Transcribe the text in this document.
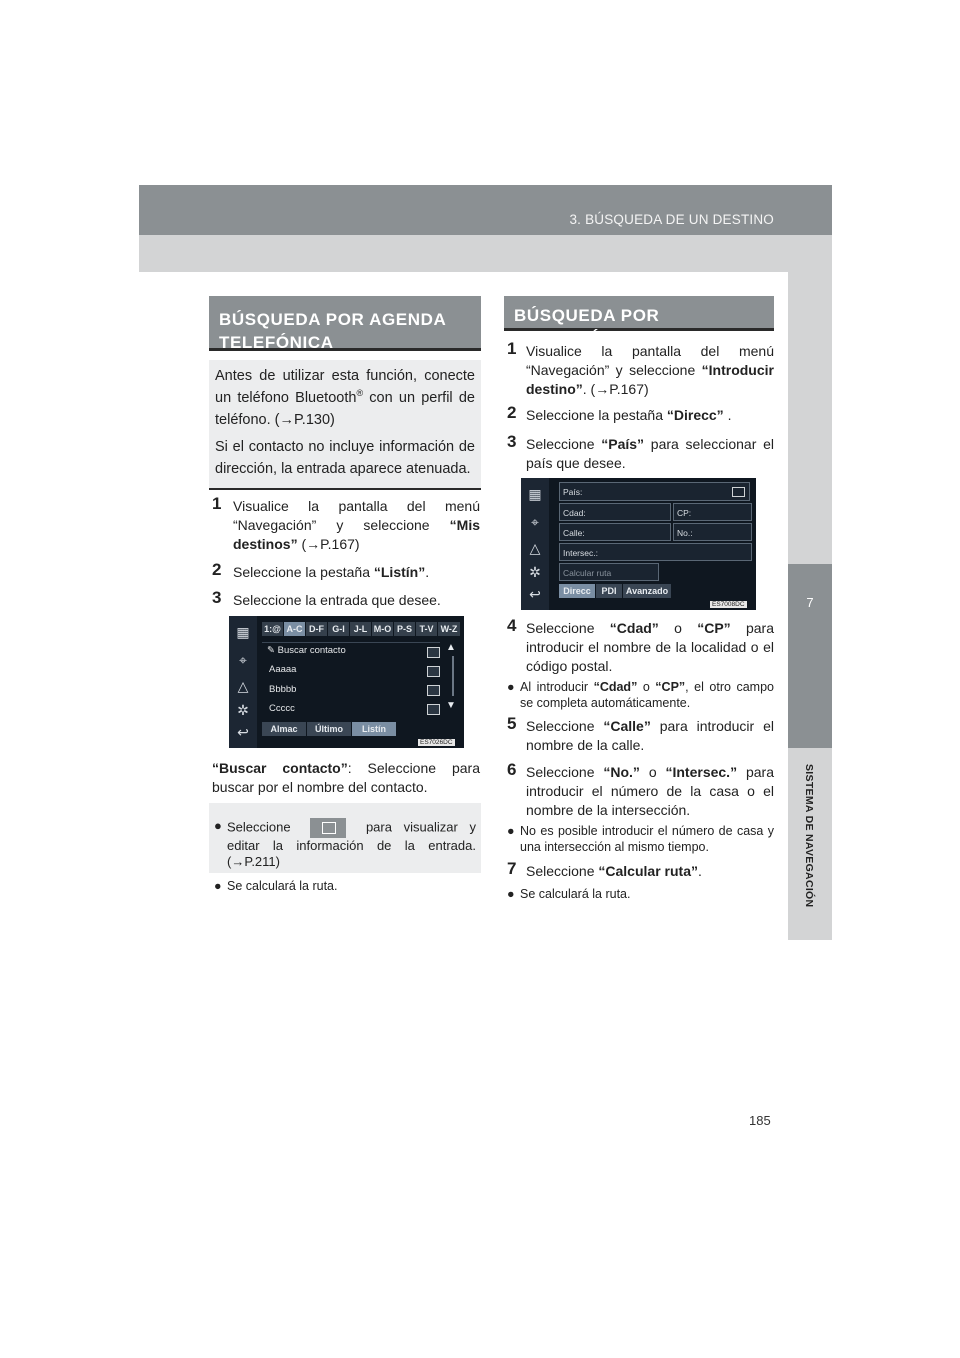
3. BÚSQUEDA DE UN DESTINO
7
SISTEMA DE NAVEGACIÓN
BÚSQUEDA POR AGENDA TELEFÓNICA

Antes de utilizar esta función, conecte un teléfono Bluetooth® con un perfil de teléfono. (→P.130)

Si el contacto no incluye información de dirección, la entrada aparece atenuada.

1 Visualice la pantalla del menú “Navegación” y seleccione “Mis destinos” (→P.167)
2 Seleccione la pestaña “Listín”.
3 Seleccione la entrada que desee.
▦
⌖
△
✲
↩
1:@ A-C D-F G-I	J-L M-O P-S T-V W-Z
✎ Buscar contacto
Aaaaa
Bbbbb
Ccccc
▲
▼
Almac	Último	Listín
ES7026DC
“Buscar contacto”: Seleccione para buscar por el nombre del contacto.
● Seleccione	para visualizar y editar la información de la entrada. (→P.211)
● Se calculará la ruta.
BÚSQUEDA POR DIRECCIÓN
1 Visualice la pantalla del menú “Navegación” y seleccione “Introducir destino”. (→P.167)
2 Seleccione la pestaña “Direcc” .
3 Seleccione “País” para seleccionar el país que desee.
▦
⌖
△
✲
↩
País:
Cdad:	CP:
Calle:	No.:
Intersec.:
Calcular ruta
Direcc	PDI	Avanzado
ES7008DC
4 Seleccione “Cdad” o “CP” para introducir el nombre de la localidad o el código postal.
● Al introducir “Cdad” o “CP”, el otro campo se completa automáticamente.
5 Seleccione “Calle” para introducir el nombre de la calle.
6 Seleccione “No.” o “Intersec.” para introducir el número de la casa o el nombre de la intersección.
● No es posible introducir el número de casa y una intersección al mismo tiempo.
7 Seleccione “Calcular ruta”.
● Se calculará la ruta.
185
